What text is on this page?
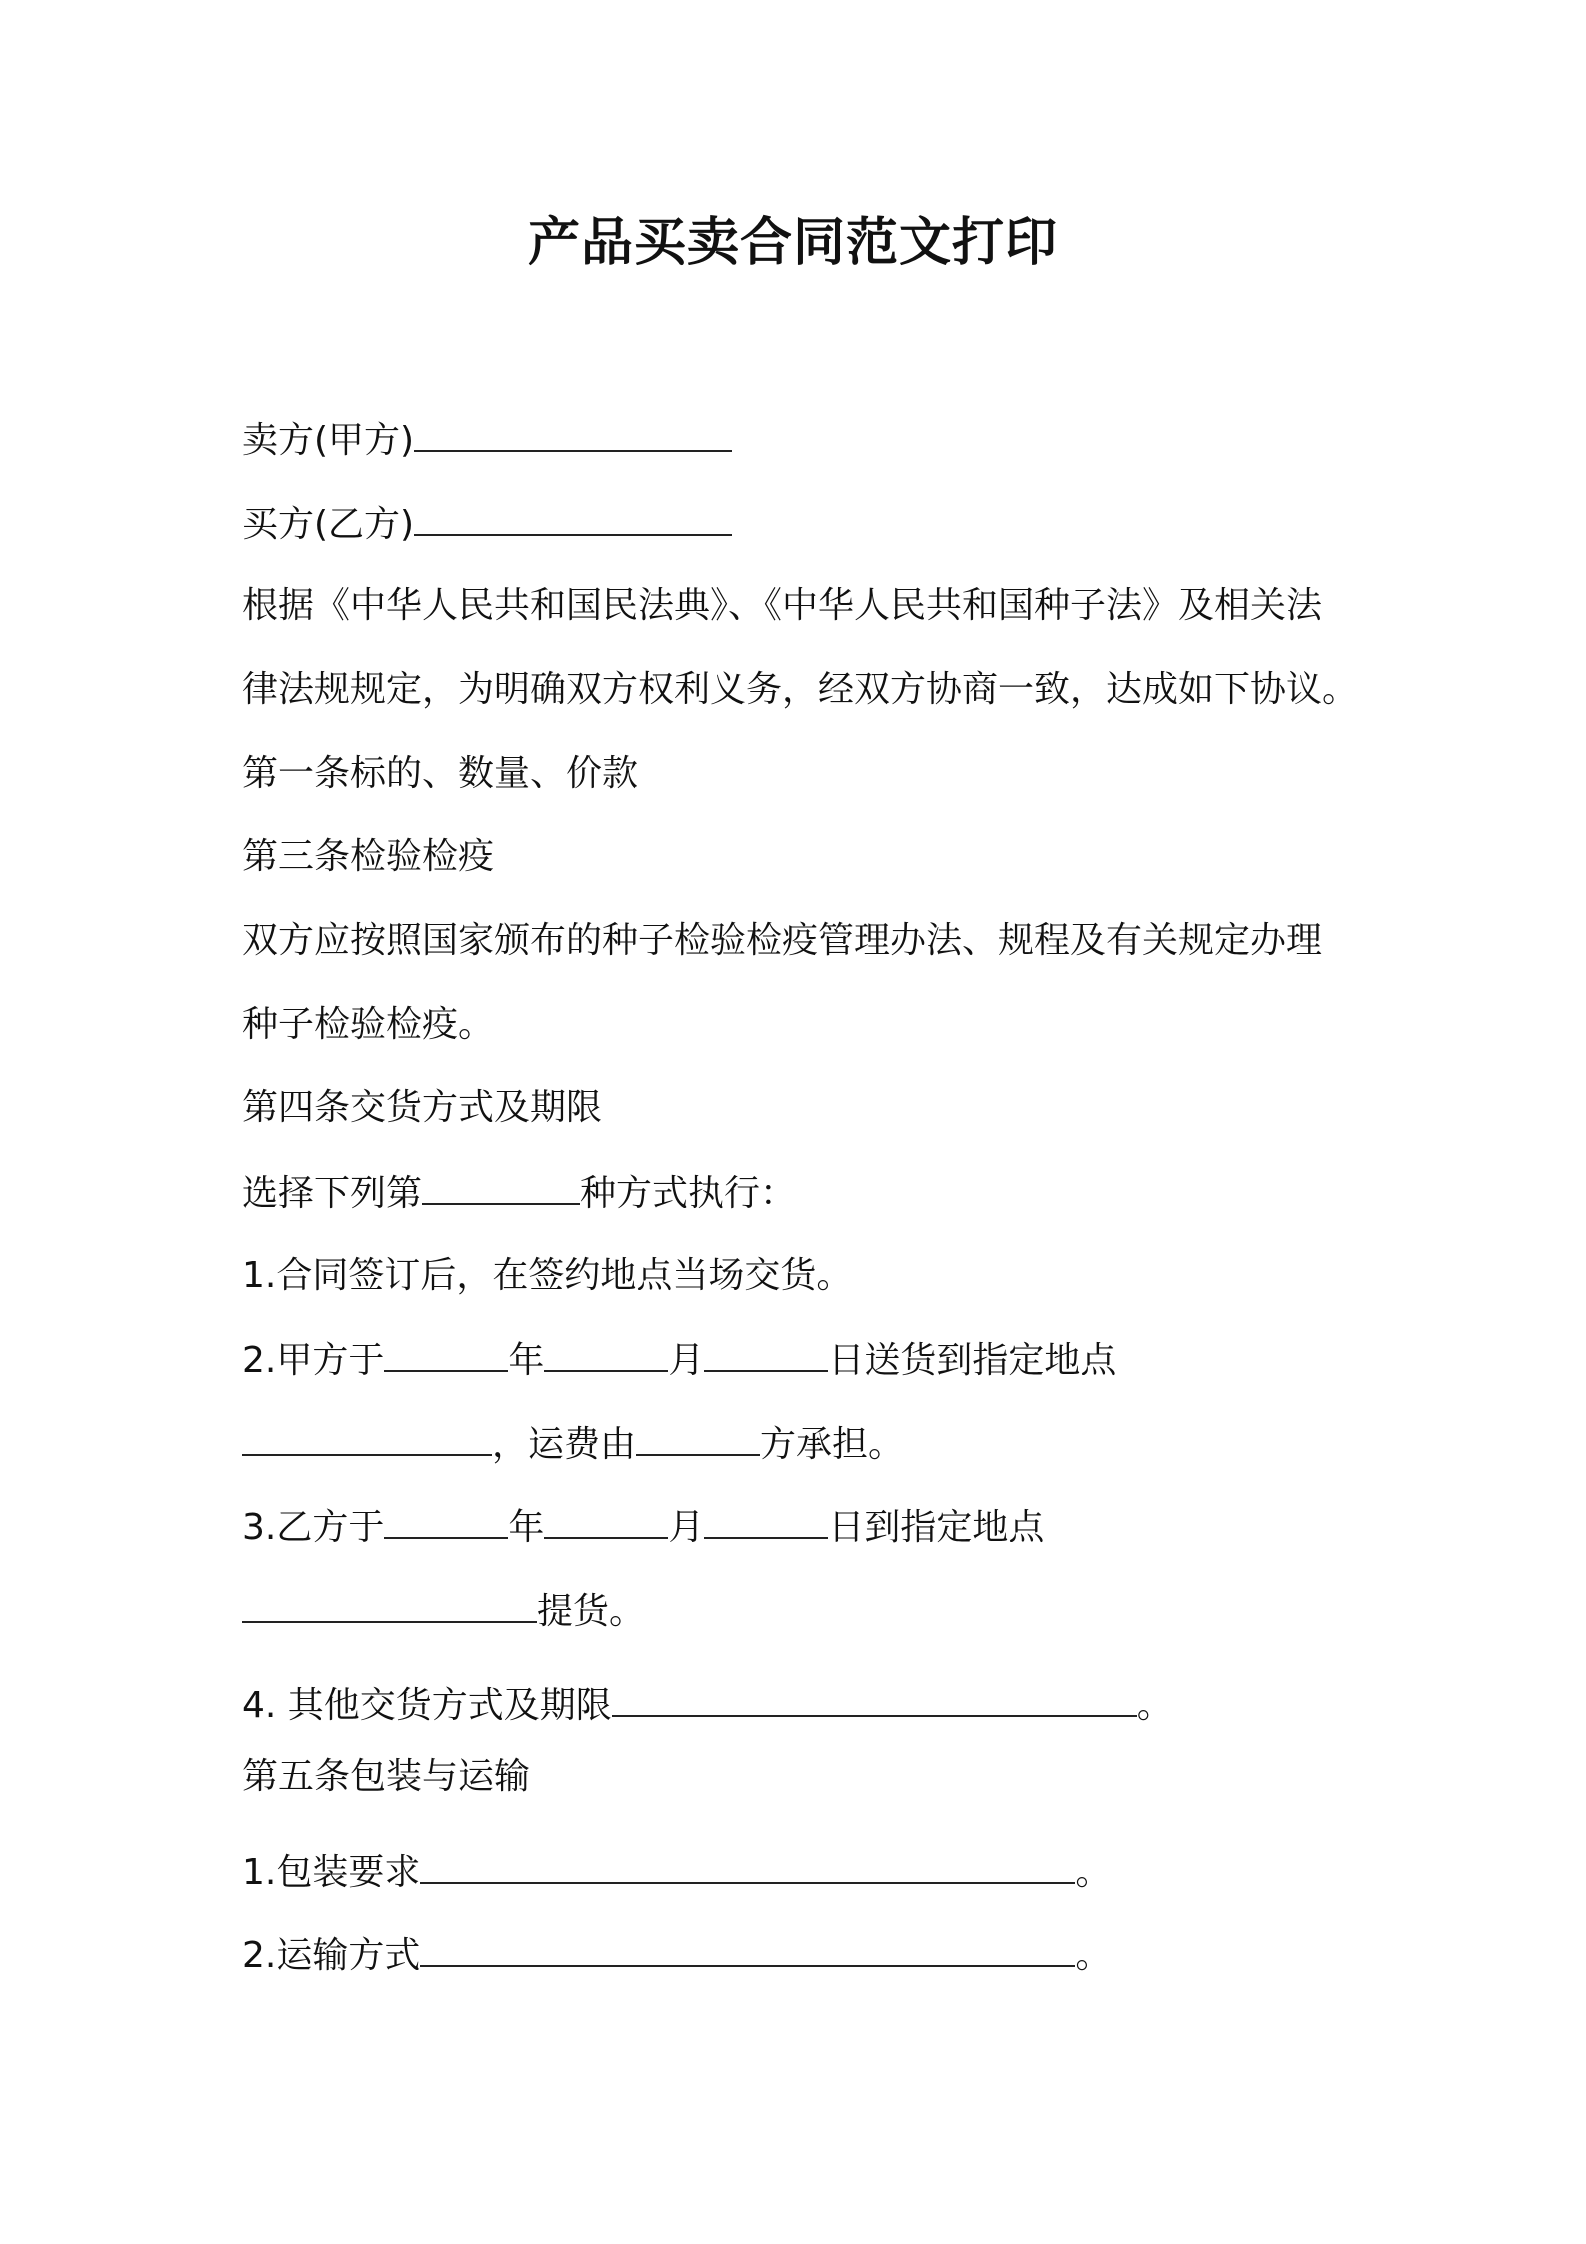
产品买卖合同范文打印
卖方(甲方)
买方(乙方)
根据《中华人民共和国民法典》、《中华人民共和国种子法》及相关法
律法规规定，为明确双方权利义务，经双方协商一致，达成如下协议。
第一条标的、数量、价款
第三条检验检疫
双方应按照国家颁布的种子检验检疫管理办法、规程及有关规定办理
种子检验检疫。
第四条交货方式及期限
选择下列第	种方式执行：
1.合同签订后，在签约地点当场交货。
2.甲方于	年	月	日送货到指定地点
，运费由	方承担。
3.乙方于	年	月	日到指定地点
提货。
4. 其他交货方式及期限	。
第五条包装与运输
1.包装要求	。
2.运输方式	。
